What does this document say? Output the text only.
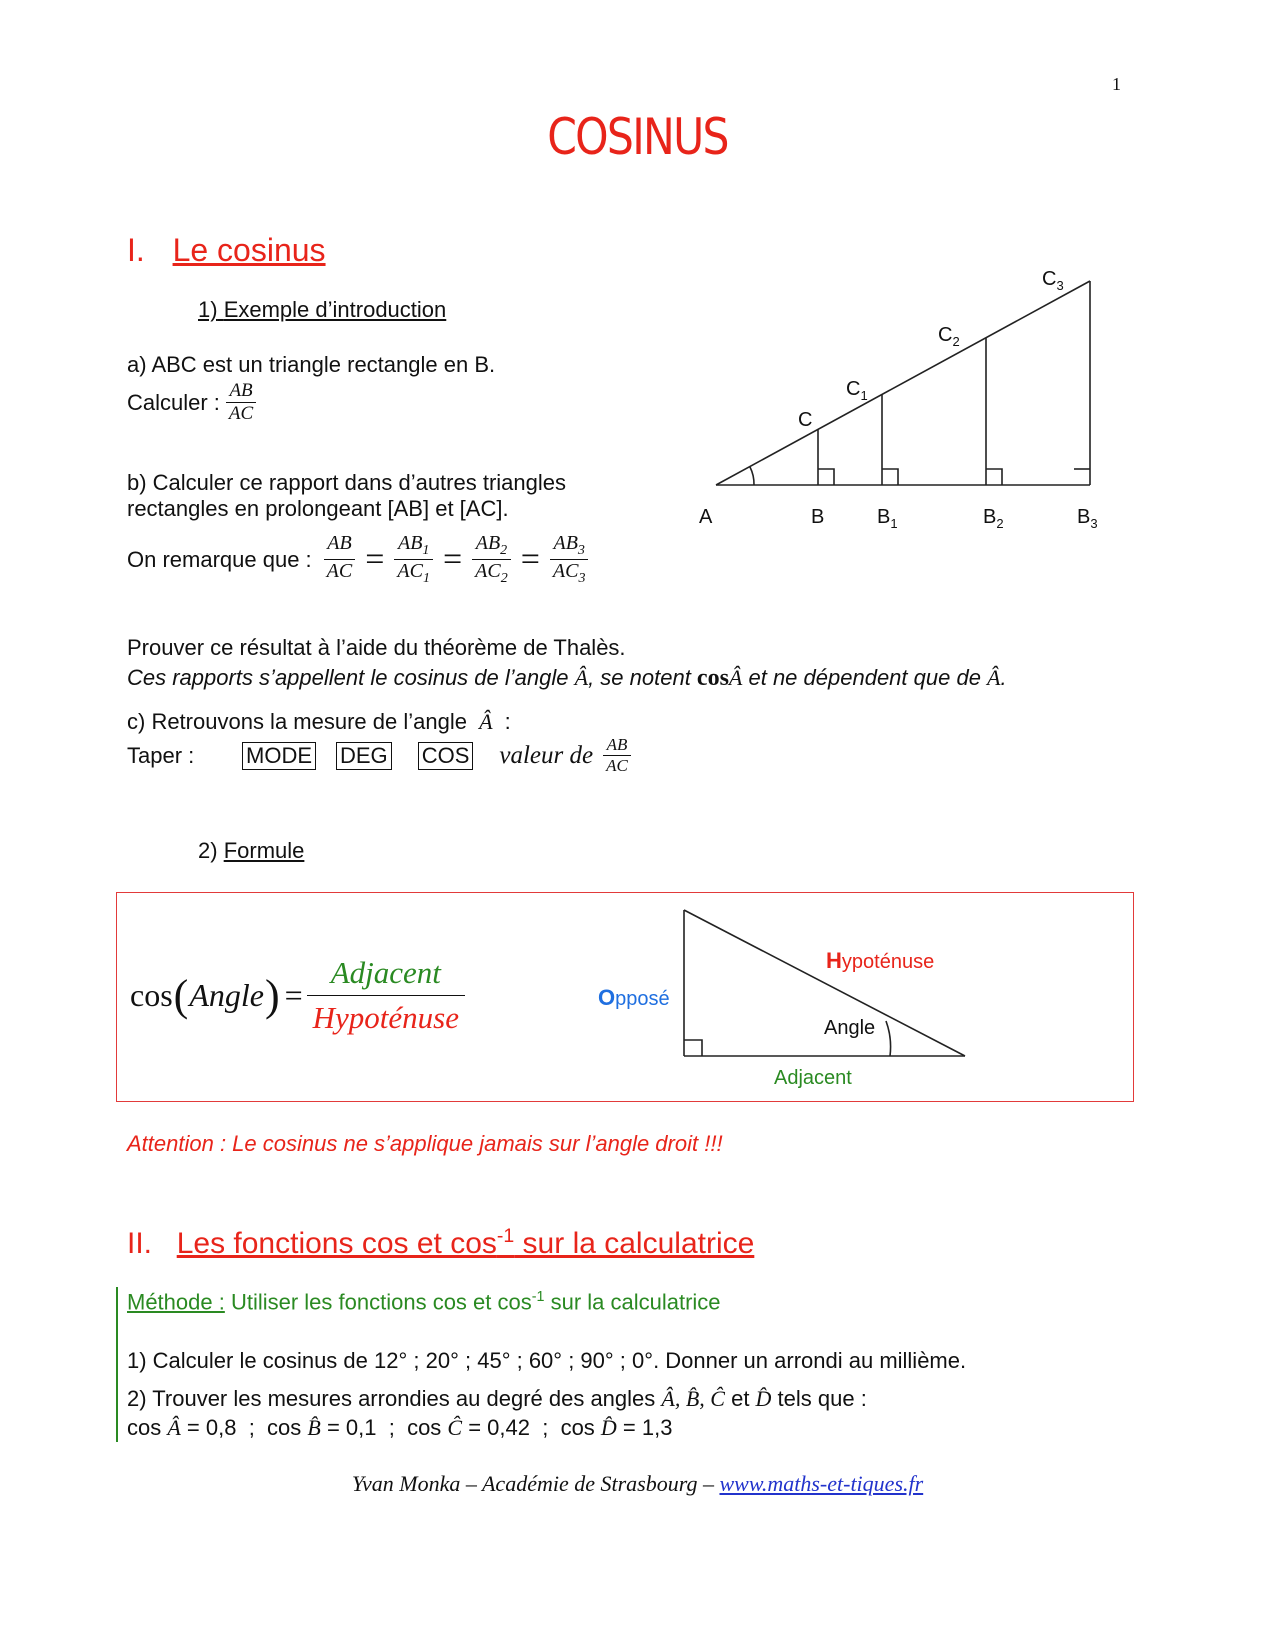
1
COSINUS
I. Le cosinus
1) Exemple d’introduction
a) ABC est un triangle rectangle en B.
Calculer : $\frac{AB}{AC}$
b) Calculer ce rapport dans d’autres triangles
rectangles en prolongeant [AB] et [AC].
On remarque que : $\frac{AB}{AC} = \frac{AB_1}{AC_1} = \frac{AB_2}{AC_2} = \frac{AB_3}{AC_3}$
A	B	$B_1$	$B_2$	$B_3$
C
$C_1$
$C_2$
$C_3$
Prouver ce résultat à l’aide du théorème de Thalès.
Ces rapports s’appellent le cosinus de l’angle Â, se notent cosÂ et ne dépendent que de Â.
c) Retrouvons la mesure de l’angle Â :
Taper :	MODE DEG COS valeur de $\frac{AB}{AC}$
2) Formule
cos ( Angle ) = $\frac{\text{Adjacent}}{\text{Hypoténuse}}$	Hypoténuse
Opposé
Angle
Adjacent
Attention : Le cosinus ne s’applique jamais sur l’angle droit !!!
II. Les fonctions cos et $\cos^{-1}$ sur la calculatrice
Méthode : Utiliser les fonctions cos et $\cos^{-1}$ sur la calculatrice
1) Calculer le cosinus de 12° ; 20° ; 45° ; 60° ; 90° ; 0°. Donner un arrondi au millième.
2) Trouver les mesures arrondies au degré des angles Â, B̂, Ĉ et D̂ tels que :
cos Â = 0,8  ;  cos B̂ = 0,1  ;  cos Ĉ = 0,42  ;  cos D̂ = 1,3
Yvan Monka – Académie de Strasbourg – www.maths-et-tiques.fr
